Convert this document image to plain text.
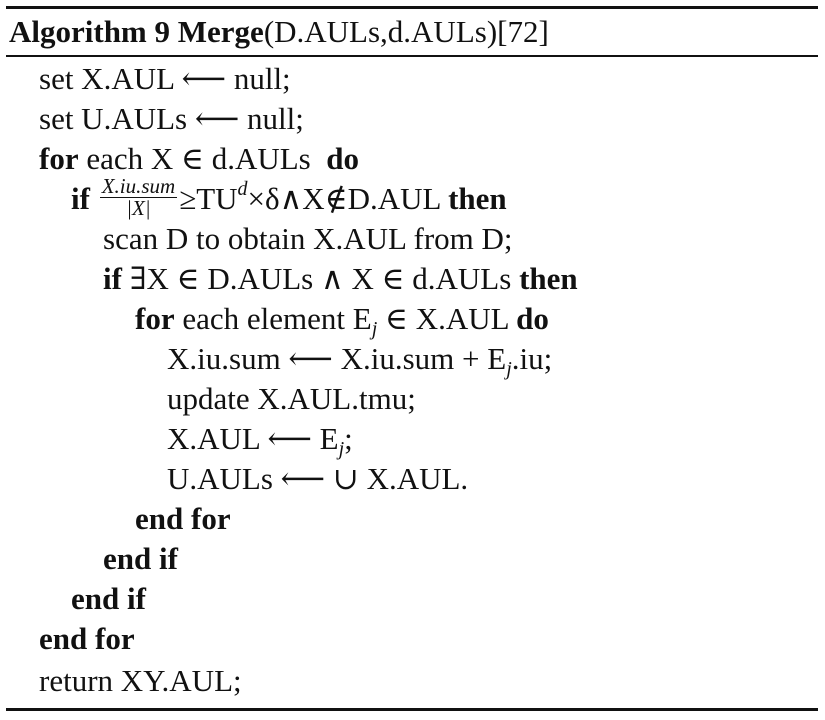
Algorithm 9 Merge(D.AULs,d.AULs)[72]
set X.AUL ⟵ null;
set U.AULs ⟵ null;
for each X ∈ d.AULs  do
if $\frac{\text{X.iu.sum}}{|X|}$ $\ge TU^d\times\delta\wedge X\notin D.AUL$ then
scan D to obtain X.AUL from D;
if ∃X ∈ D.AULs ∧ X ∈ d.AULs then
for each element $E_j$ ∈ X.AUL do
X.iu.sum ⟵ $X.iu.sum + E_j.iu$;
update X.AUL.tmu;
X.AUL ⟵ $E_j$;
U.AULs ⟵ ∪ X.AUL.
end for
end if
end if
end for
return XY.AUL;
